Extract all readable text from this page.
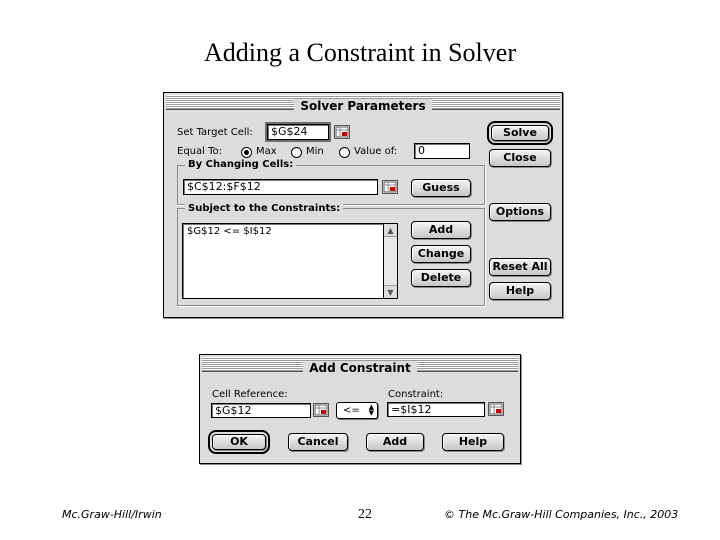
Adding a Constraint in Solver
Solver Parameters
Set Target Cell:	$G$24
Equal To:	Max	Min	Value of:	0
By Changing Cells:
$C$12:$F$12	Guess
Subject to the Constraints:
$G$12 <= $I$12	▲
▼
Add
Change
Delete
Solve
Close
Options
Reset All
Help
Add Constraint
Cell Reference:
$G$12	<= ▲
▼
Constraint:
=$I$12
OK	Cancel	Add	Help
Mc.Graw-Hill/Irwin	22	© The Mc.Graw-Hill Companies, Inc., 2003
